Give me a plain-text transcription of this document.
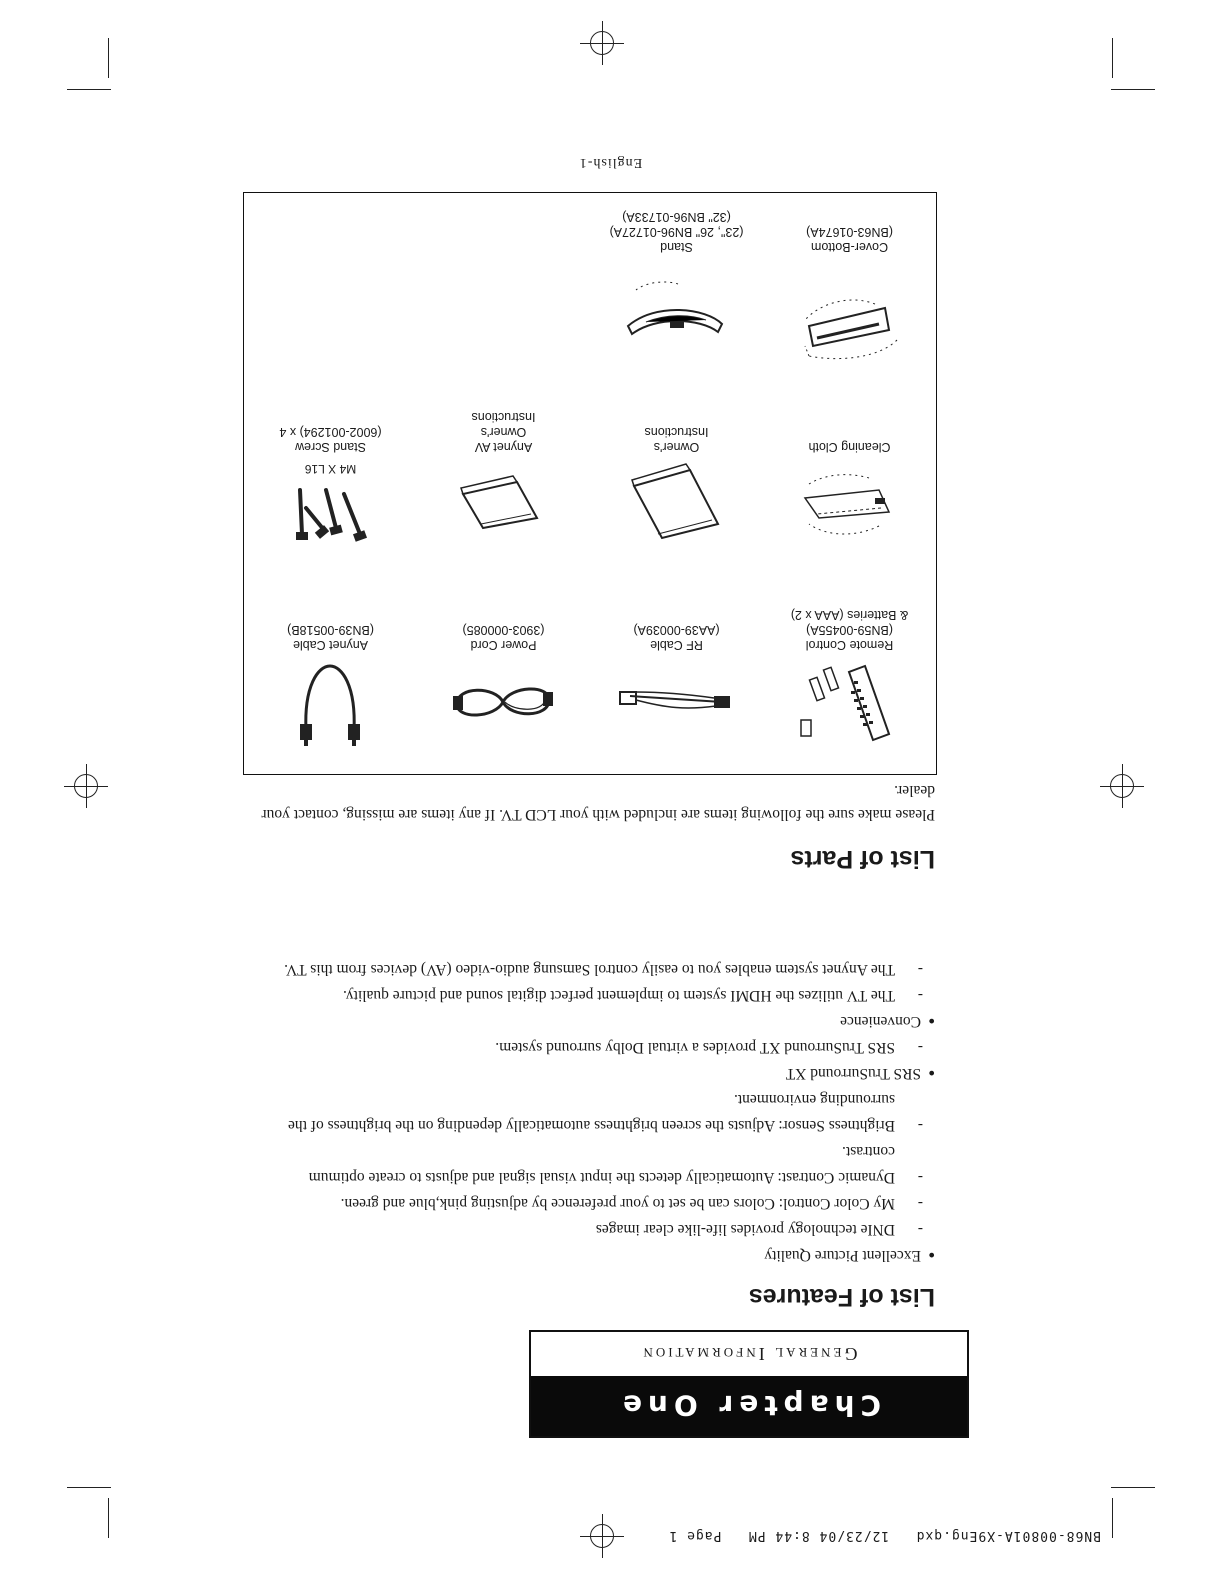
BN68-00801A-X9Eng.qxd   12/23/04 8:44 PM   Page 1
Chapter One
General Information
List of Features
● Excellent Picture Quality
- DNIe technology provides life-like clear images
- My Color Control: Colors can be set to your preference by adjusting pink,blue and green.
- Dynamic Contrast: Automatically detects the input visual signal and adjusts to create optimum contrast.
- Brightness Sensor: Adjusts the screen brightness automatically depending on the brightness of the surrounding environment.
● SRS TruSurround XT
- SRS TruSurround XT provides a virtual Dolby surround system.
● Convenience
- The TV utilizes the HDMI system to implement perfect digital sound and picture quality.
- The Anynet system enables you to easily control Samsung audio-video (AV) devices from this TV.
List of Parts
Please make sure the following items are included with your LCD TV. If any items are missing, contact your dealer.
Remote Control
(BN59-00455A)
& Batteries (AAA x 2)
RF Cable
(AA39-00039A)
Power Cord
(3903-000085)
Anynet Cable
(BN39-00518B)
Cleaning Cloth
Owner's
Instructions
Anynet AV
Owner's
Instructions
M4 X L16
Stand Screw
(6002-001294) x 4
Cover-Bottom
(BN63-01674A)
Stand
(23", 26" BN96-01727A)
(32" BN96-01733A)
English-1
